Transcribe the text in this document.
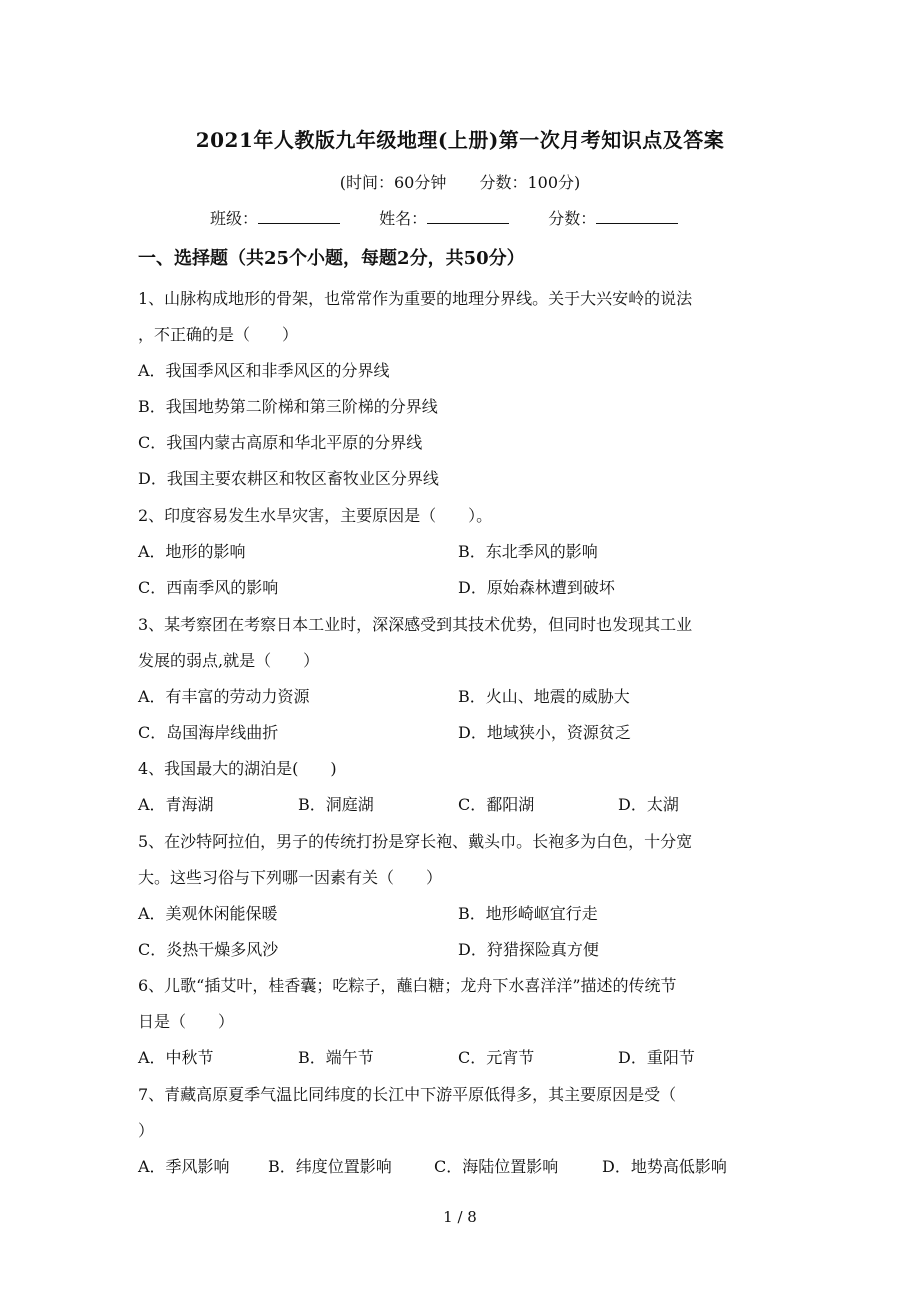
2021年人教版九年级地理(上册)第一次月考知识点及答案
(时间：60分钟 分数：100分)
班级：	姓名：	分数：
一、选择题（共25个小题，每题2分，共50分）
1、山脉构成地形的骨架，也常常作为重要的地理分界线。关于大兴安岭的说法
，不正确的是（　　）
A．我国季风区和非季风区的分界线
B．我国地势第二阶梯和第三阶梯的分界线
C．我国内蒙古高原和华北平原的分界线
D．我国主要农耕区和牧区畜牧业区分界线
2、印度容易发生水旱灾害，主要原因是（　　）。
A．地形的影响	B．东北季风的影响
C．西南季风的影响	D．原始森林遭到破坏
3、某考察团在考察日本工业时，深深感受到其技术优势，但同时也发现其工业
发展的弱点,就是（　　）
A．有丰富的劳动力资源	B．火山、地震的威胁大
C．岛国海岸线曲折	D．地域狭小，资源贫乏
4、我国最大的湖泊是(　　)
A．青海湖	B．洞庭湖	C．鄱阳湖	D．太湖
5、在沙特阿拉伯，男子的传统打扮是穿长袍、戴头巾。长袍多为白色，十分宽
大。这些习俗与下列哪一因素有关（　　）
A．美观休闲能保暖	B．地形崎岖宜行走
C．炎热干燥多风沙	D．狩猎探险真方便
6、儿歌“插艾叶，桂香囊；吃粽子，蘸白糖；龙舟下水喜洋洋”描述的传统节
日是（　　）
A．中秋节	B．端午节	C．元宵节	D．重阳节
7、青藏高原夏季气温比同纬度的长江中下游平原低得多，其主要原因是受（
）
A．季风影响 B．纬度位置影响	C．海陆位置影响	D．地势高低影响
1 / 8
